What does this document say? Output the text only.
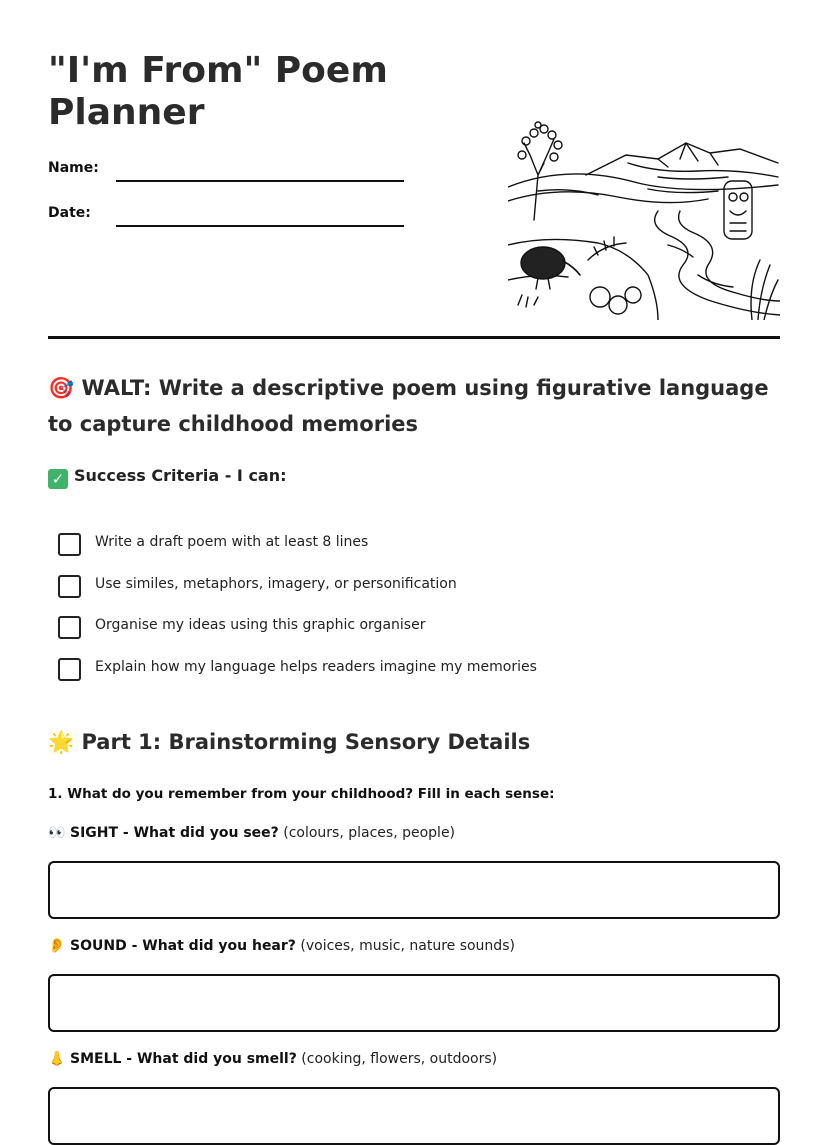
"I'm From" Poem Planner
Name:
Date:
🎯 WALT: Write a descriptive poem using figurative language to capture childhood memories
✓ Success Criteria - I can:
Write a draft poem with at least 8 lines
Use similes, metaphors, imagery, or personification
Organise my ideas using this graphic organiser
Explain how my language helps readers imagine my memories
🌟 Part 1: Brainstorming Sensory Details
1. What do you remember from your childhood? Fill in each sense:
👀 SIGHT - What did you see? (colours, places, people)
👂 SOUND - What did you hear? (voices, music, nature sounds)
👃 SMELL - What did you smell? (cooking, flowers, outdoors)
